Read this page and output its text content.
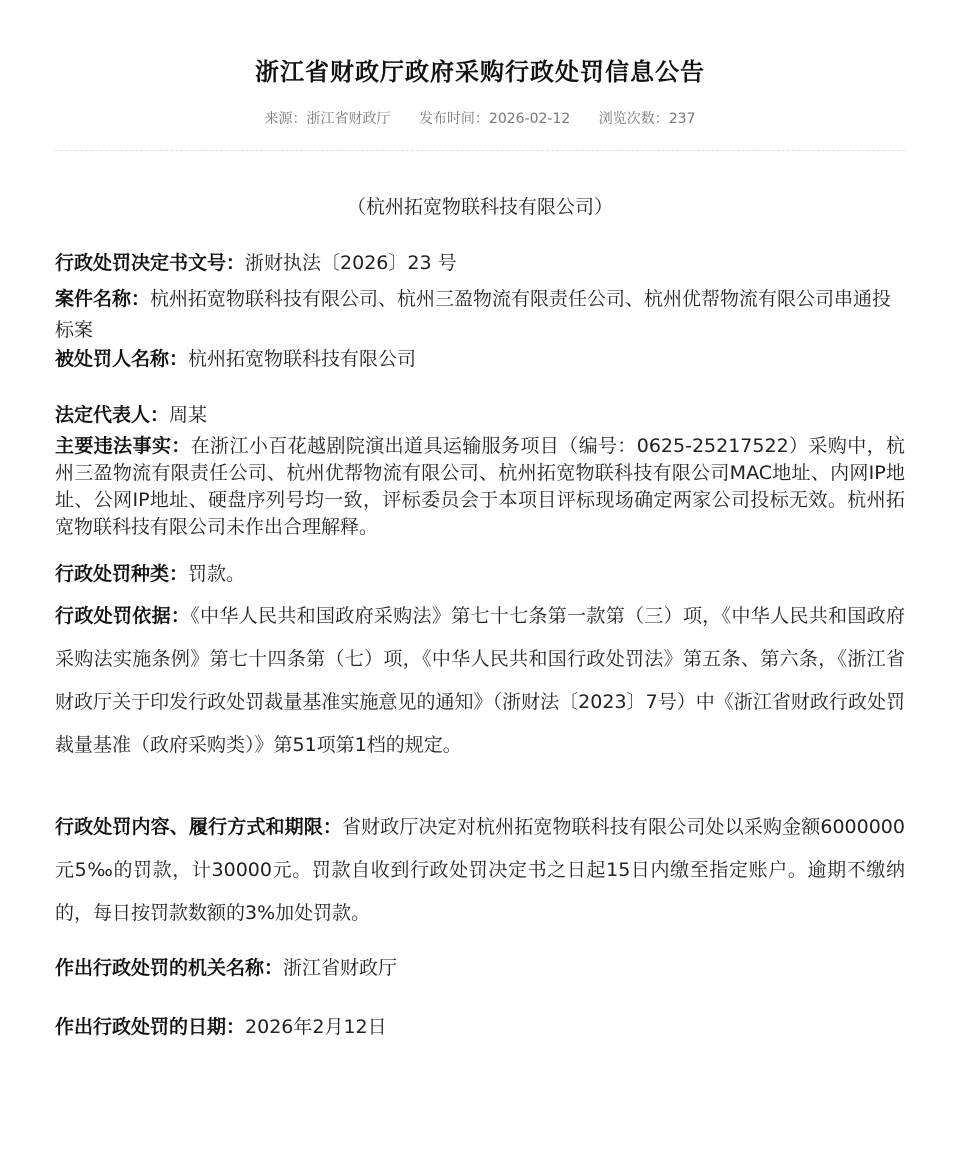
浙江省财政厅政府采购行政处罚信息公告
来源：浙江省财政厅 发布时间：2026-02-12 浏览次数：237
（杭州拓宽物联科技有限公司）
行政处罚决定书文号：浙财执法〔2026〕23 号
案件名称：杭州拓宽物联科技有限公司、杭州三盈物流有限责任公司、杭州优帮物流有限公司串通投标案
被处罚人名称：杭州拓宽物联科技有限公司
法定代表人：周某
主要违法事实：在浙江小百花越剧院演出道具运输服务项目（编号：0625-25217522）采购中，杭州三盈物流有限责任公司、杭州优帮物流有限公司、杭州拓宽物联科技有限公司MAC地址、内网IP地址、公网IP地址、硬盘序列号均一致，评标委员会于本项目评标现场确定两家公司投标无效。杭州拓宽物联科技有限公司未作出合理解释。
行政处罚种类：罚款。
行政处罚依据：《中华人民共和国政府采购法》第七十七条第一款第（三）项，《中华人民共和国政府采购法实施条例》第七十四条第（七）项，《中华人民共和国行政处罚法》第五条、第六条，《浙江省财政厅关于印发行政处罚裁量基准实施意见的通知》（浙财法〔2023〕7号）中《浙江省财政行政处罚裁量基准（政府采购类）》第51项第1档的规定。
行政处罚内容、履行方式和期限：省财政厅决定对杭州拓宽物联科技有限公司处以采购金额6000000元5‰的罚款，计30000元。罚款自收到行政处罚决定书之日起15日内缴至指定账户。逾期不缴纳的，每日按罚款数额的3%加处罚款。
作出行政处罚的机关名称：浙江省财政厅
作出行政处罚的日期：2026年2月12日
